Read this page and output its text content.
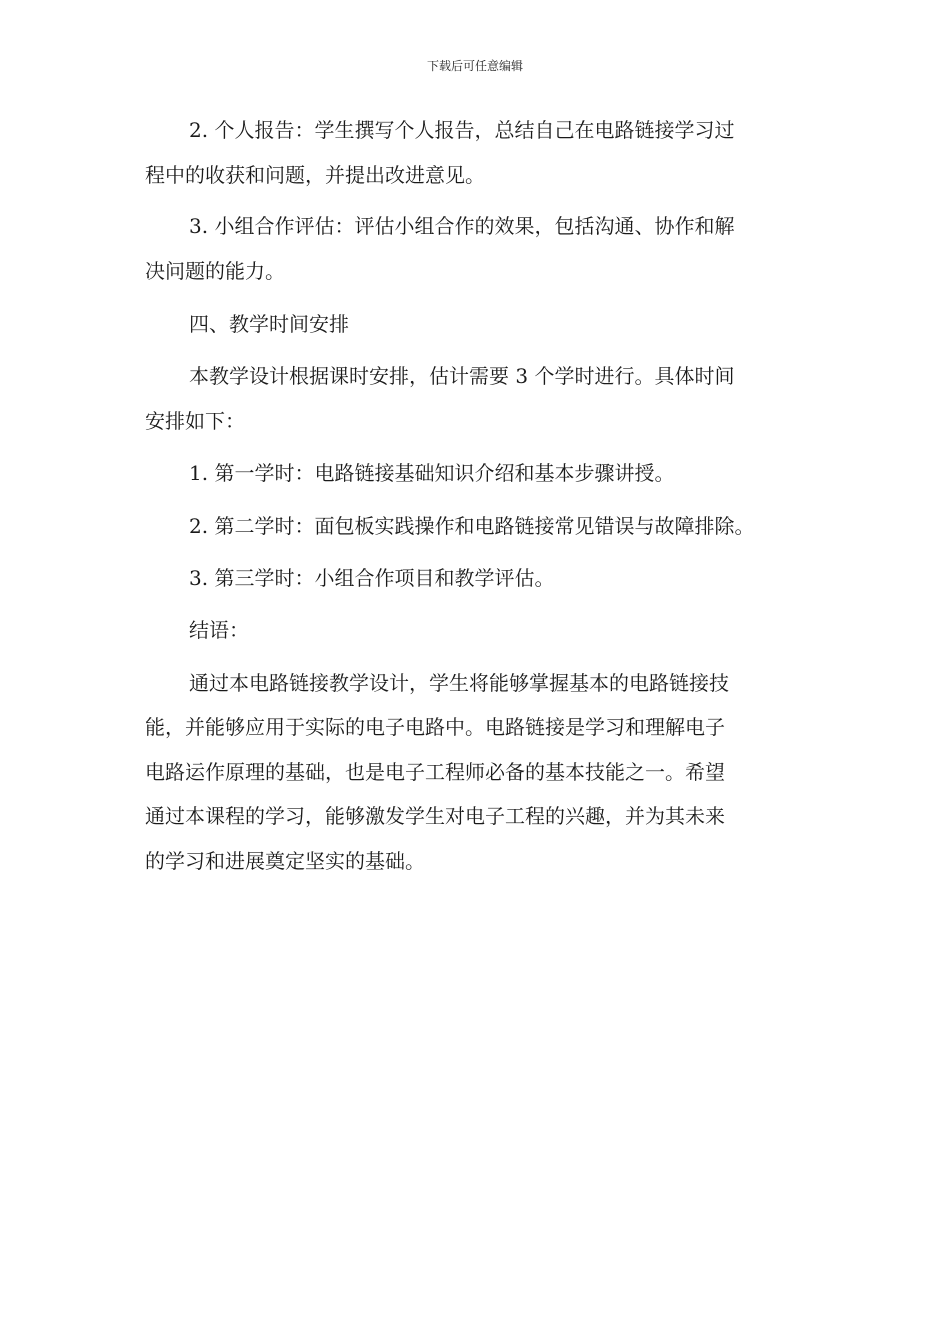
下载后可任意编辑
2. 个人报告：学生撰写个人报告，总结自己在电路链接学习过
程中的收获和问题，并提出改进意见。
3. 小组合作评估：评估小组合作的效果，包括沟通、协作和解
决问题的能力。
四、教学时间安排
本教学设计根据课时安排，估计需要 3 个学时进行。具体时间
安排如下：
1. 第一学时：电路链接基础知识介绍和基本步骤讲授。
2. 第二学时：面包板实践操作和电路链接常见错误与故障排除。
3. 第三学时：小组合作项目和教学评估。
结语：
通过本电路链接教学设计，学生将能够掌握基本的电路链接技
能，并能够应用于实际的电子电路中。电路链接是学习和理解电子
电路运作原理的基础，也是电子工程师必备的基本技能之一。希望
通过本课程的学习，能够激发学生对电子工程的兴趣，并为其未来
的学习和进展奠定坚实的基础。
